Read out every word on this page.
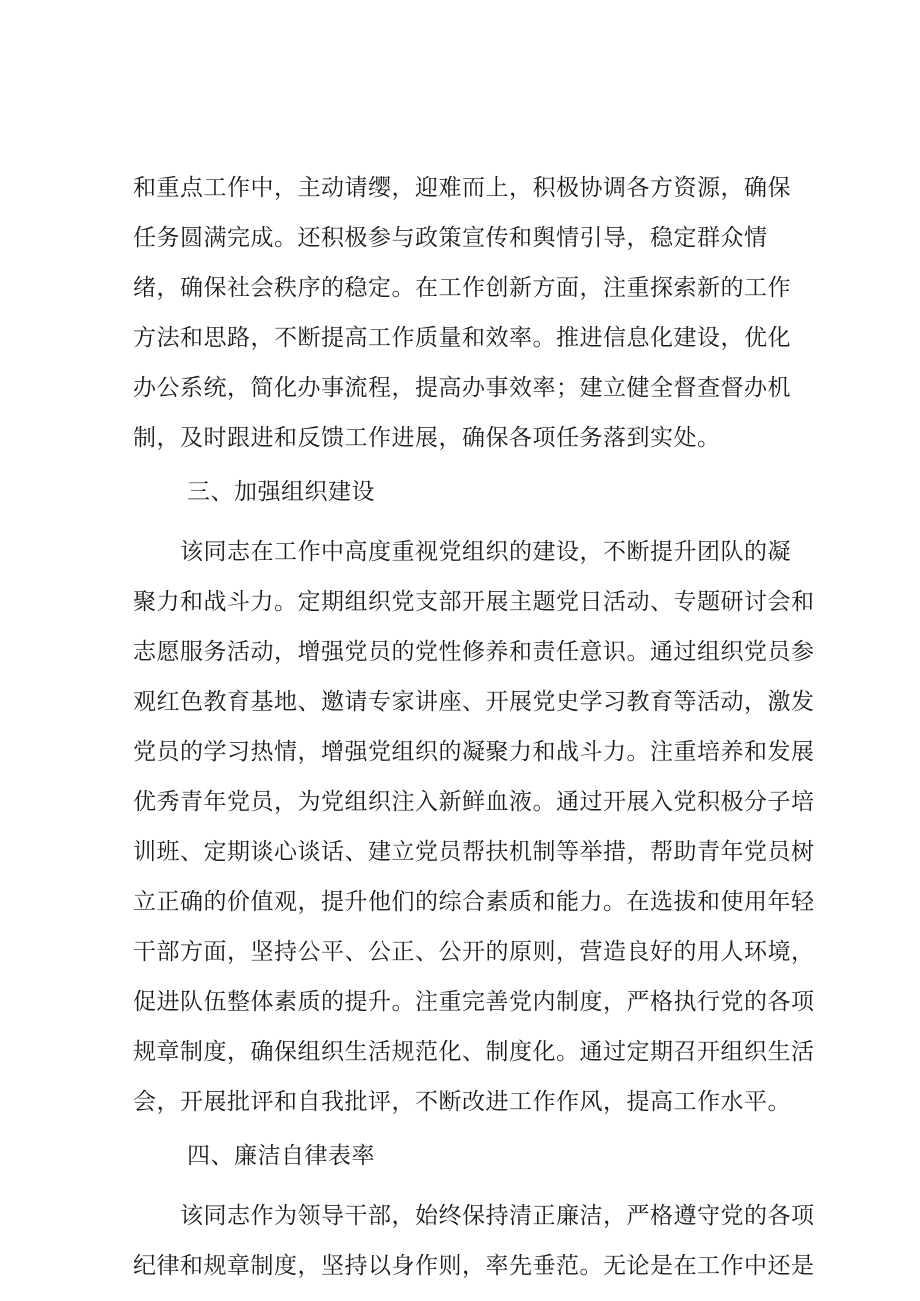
和重点工作中，主动请缨，迎难而上，积极协调各方资源，确保
任务圆满完成。还积极参与政策宣传和舆情引导，稳定群众情
绪，确保社会秩序的稳定。在工作创新方面，注重探索新的工作
方法和思路，不断提高工作质量和效率。推进信息化建设，优化
办公系统，简化办事流程，提高办事效率；建立健全督查督办机
制，及时跟进和反馈工作进展，确保各项任务落到实处。
三、加强组织建设
　　该同志在工作中高度重视党组织的建设，不断提升团队的凝
聚力和战斗力。定期组织党支部开展主题党日活动、专题研讨会和
志愿服务活动，增强党员的党性修养和责任意识。通过组织党员参
观红色教育基地、邀请专家讲座、开展党史学习教育等活动，激发
党员的学习热情，增强党组织的凝聚力和战斗力。注重培养和发展
优秀青年党员，为党组织注入新鲜血液。通过开展入党积极分子培
训班、定期谈心谈话、建立党员帮扶机制等举措，帮助青年党员树
立正确的价值观，提升他们的综合素质和能力。在选拔和使用年轻
干部方面，坚持公平、公正、公开的原则，营造良好的用人环境，
促进队伍整体素质的提升。注重完善党内制度，严格执行党的各项
规章制度，确保组织生活规范化、制度化。通过定期召开组织生活
会，开展批评和自我批评，不断改进工作作风，提高工作水平。
四、廉洁自律表率
　　该同志作为领导干部，始终保持清正廉洁，严格遵守党的各项
纪律和规章制度，坚持以身作则，率先垂范。无论是在工作中还是
